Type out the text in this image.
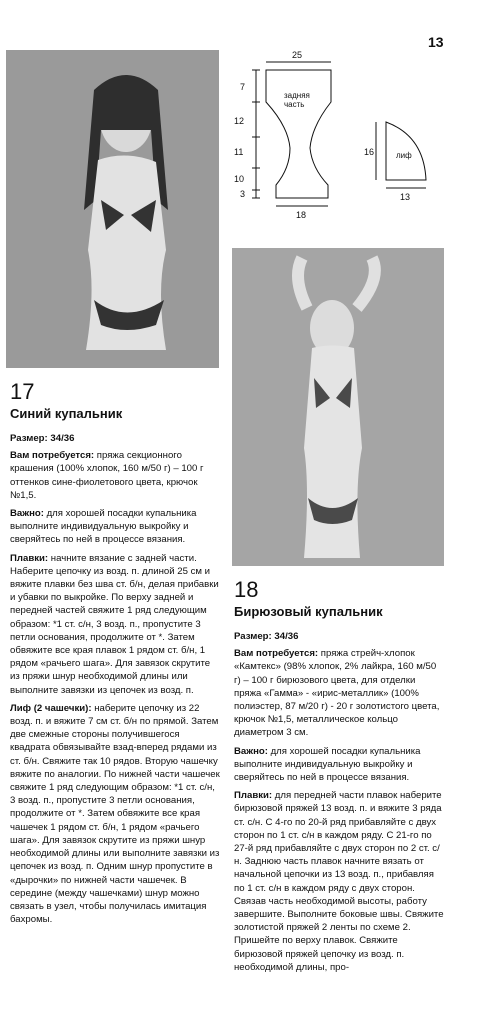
13
25
18
7
12
11
10
3
задняя часть
16
13
лиф
17
Синий купальник
Размер: 34/36

Вам потребуется: пряжа секционного крашения (100% хлопок, 160 м/50 г) – 100 г оттенков сине-фиолетового цвета, крючок №1,5.

Важно: для хорошей посадки купальника выполните индивидуальную выкройку и сверяйтесь по ней в процессе вязания.

Плавки: начните вязание с задней части. Наберите цепочку из возд. п. длиной 25 см и вяжите плавки без шва ст. б/н, делая прибавки и убавки по выкройке. По верху задней и передней частей свяжите 1 ряд следующим образом: *1 ст. с/н, 3 возд. п., пропустите 3 петли основания, продолжите от *. Затем обвяжите все края плавок 1 рядом ст. б/н, 1 рядом «рачьего шага». Для завязок скрутите из пряжи шнур необходимой длины или выполните завязки из цепочек из возд. п.

Лиф (2 чашечки): наберите цепочку из 22 возд. п. и вяжите 7 см ст. б/н по прямой. Затем две смежные стороны получившегося квадрата обвязывайте взад-вперед рядами из ст. б/н. Свяжите так 10 рядов. Вторую чашечку вяжите по аналогии. По нижней части чашечек свяжите 1 ряд следующим образом: *1 ст. с/н, 3 возд. п., пропустите 3 петли основания, продолжите от *. Затем обвяжите все края чашечек 1 рядом ст. б/н, 1 рядом «рачьего шага». Для завязок скрутите из пряжи шнур необходимой длины или выполните завязки из цепочек из возд. п. Одним шнур пропустите в «дырочки» по нижней части чашечек. В середине (между чашечками) шнур можно связать в узел, чтобы получилась имитация бахромы.

18
Бирюзовый купальник
Размер: 34/36

Вам потребуется: пряжа стрейч-хлопок «Камтекс» (98% хлопок, 2% лайкра, 160 м/50 г) – 100 г бирюзового цвета, для отделки пряжа «Гамма» - «ирис-металлик» (100% полиэстер, 87 м/20 г) - 20 г золотистого цвета, крючок №1,5, металлическое кольцо диаметром 3 см.

Важно: для хорошей посадки купальника выполните индивидуальную выкройку и сверяйтесь по ней в процессе вязания.

Плавки: для передней части плавок наберите бирюзовой пряжей 13 возд. п. и вяжите 3 ряда ст. с/н. С 4-го по 20-й ряд прибавляйте с двух сторон по 1 ст. с/н в каждом ряду. С 21-го по 27-й ряд прибавляйте с двух сторон по 2 ст. с/н. Заднюю часть плавок начните вязать от начальной цепочки из 13 возд. п., прибавляя по 1 ст. с/н в каждом ряду с двух сторон. Связав часть необходимой высоты, работу завершите. Выполните боковые швы. Свяжите золотистой пряжей 2 ленты по схеме 2. Пришейте по верху плавок. Свяжите бирюзовой пряжей цепочку из возд. п. необходимой длины, про-
